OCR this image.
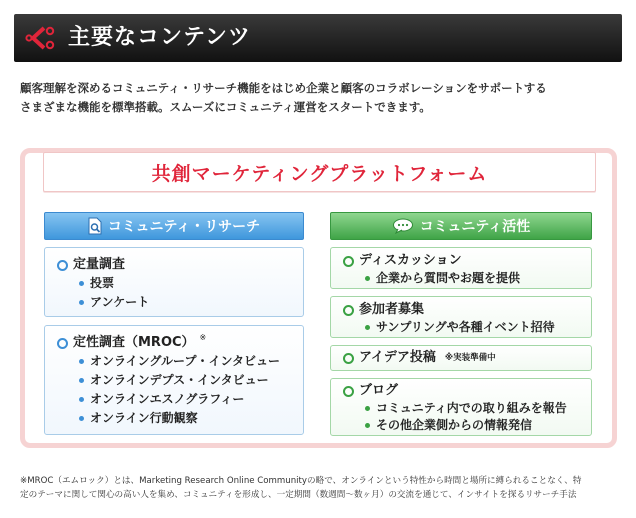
主要なコンテンツ

顧客理解を深めるコミュニティ・リサーチ機能をはじめ企業と顧客のコラボレーションをサポートする

さまざまな機能を標準搭載。スムーズにコミュニティ運営をスタートできます。

共創マーケティングプラットフォーム
コミュニティ・リサーチ	コミュニティ活性
定量調査
投票
アンケート
定性調査（MROC） ※
オンライングループ・インタビュー
オンラインデプス・インタビュー
オンラインエスノグラフィー
オンライン行動観察
ディスカッション
企業から質問やお題を提供
参加者募集
サンプリングや各種イベント招待
アイデア投稿 ※実装準備中
ブログ
コミュニティ内での取り組みを報告
その他企業側からの情報発信

※MROC（エムロック）とは、Marketing Research Online Communityの略で、オンラインという特性から時間と場所に縛られることなく、特

定のテーマに関して関心の高い人を集め、コミュニティを形成し、一定期間（数週間〜数ヶ月）の交流を通じて、インサイトを探るリサーチ手法
